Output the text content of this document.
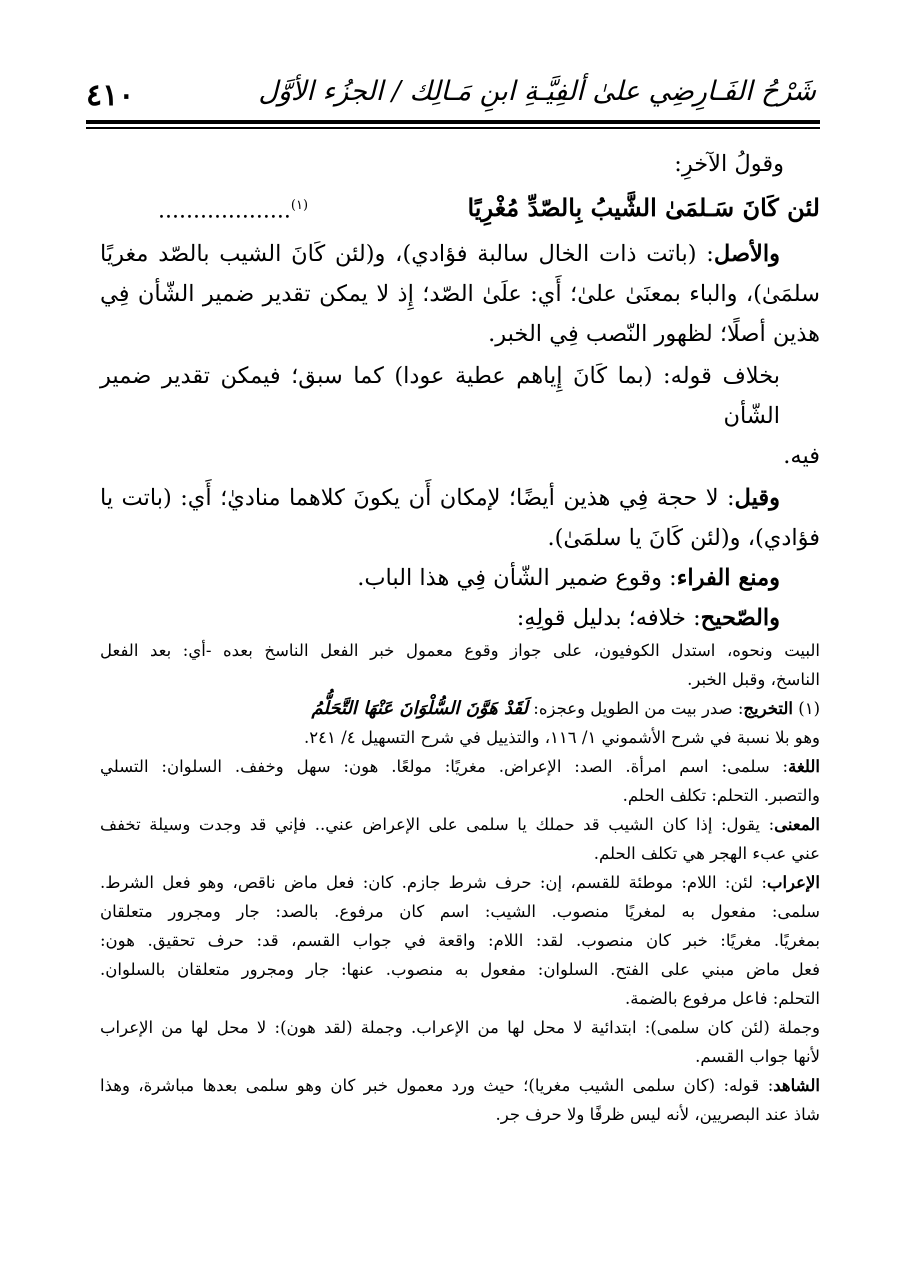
٤١٠	شَرْحُ الفَـارِضِي علىٰ ألفِيَّـةِ ابنِ مَـالِك / الجزُء الأوَّل
وقولُ الآخرِ:
لئن كَانَ سَـلمَىٰ الشَّيبُ بِالصّدِّ مُغْرِيًا
$^{(١)}$...................
والأصل: (باتت ذات الخال سالبة فؤادي)، و(لئن كَانَ الشيب بالصّد مغريًا
سلمَىٰ)، والباء بمعنَىٰ علىٰ؛ أَي: علَىٰ الصّد؛ إِذ لا يمكن تقدير ضمير الشّأن فِي
هذين أصلًا؛ لظهور النّصب فِي الخبر.
بخلاف قوله: (بما كَانَ إِياهم عطية عودا) كما سبق؛ فيمكن تقدير ضمير الشّأن
فيه.
وقيل: لا حجة فِي هذين أيضًا؛ لإمكان أَن يكونَ كلاهما مناديٰ؛ أَي: (باتت يا
فؤادي)، و(لئن كَانَ يا سلمَىٰ).
ومنع الفراء: وقوع ضمير الشّأن فِي هذا الباب.
والصّحيح: خلافه؛ بدليل قولِهِ:
البيت ونحوه، استدل الكوفيون، على جواز وقوع معمول خبر الفعل الناسخ بعده -أي: بعد الفعل
الناسخ، وقبل الخبر.
(١) التخريج: صدر بيت من الطويل وعجزه: لَقَدْ هَوَّنَ السُّلْوَانَ عَنْهَا التَّحَلُّمُ
وهو بلا نسبة في شرح الأشموني ١/ ١١٦، والتذييل في شرح التسهيل ٤/ ٢٤١.
اللغة: سلمى: اسم امرأة. الصد: الإعراض. مغريًا: مولعًا. هون: سهل وخفف. السلوان: التسلي
والتصبر. التحلم: تكلف الحلم.
المعنى: يقول: إذا كان الشيب قد حملك يا سلمى على الإعراض عني.. فإني قد وجدت وسيلة تخفف
عني عبء الهجر هي تكلف الحلم.
الإعراب: لئن: اللام: موطئة للقسم، إن: حرف شرط جازم. كان: فعل ماض ناقص، وهو فعل الشرط.
سلمى: مفعول به لمغريًا منصوب. الشيب: اسم كان مرفوع. بالصد: جار ومجرور متعلقان
بمغريًا. مغريًا: خبر كان منصوب. لقد: اللام: واقعة في جواب القسم، قد: حرف تحقيق. هون:
فعل ماض مبني على الفتح. السلوان: مفعول به منصوب. عنها: جار ومجرور متعلقان بالسلوان.
التحلم: فاعل مرفوع بالضمة.
وجملة (لئن كان سلمى): ابتدائية لا محل لها من الإعراب. وجملة (لقد هون): لا محل لها من الإعراب
لأنها جواب القسم.
الشاهد: قوله: (كان سلمى الشيب مغريا)؛ حيث ورد معمول خبر كان وهو سلمى بعدها مباشرة، وهذا
شاذ عند البصريين، لأنه ليس ظرفًا ولا حرف جر.
